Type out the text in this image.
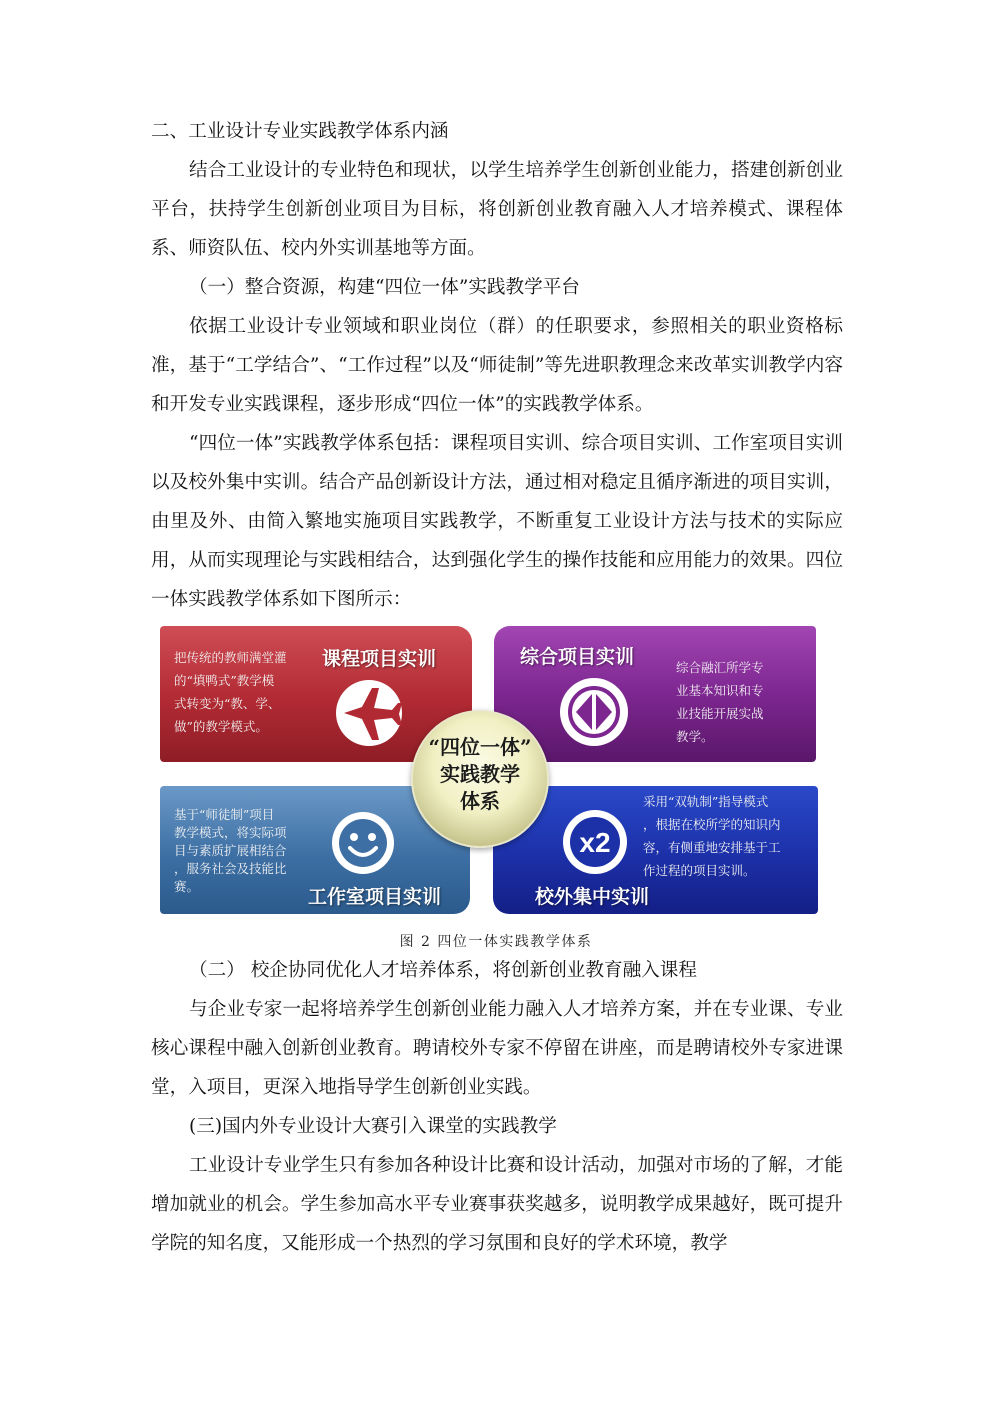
二、工业设计专业实践教学体系内涵

结合工业设计的专业特色和现状，以学生培养学生创新创业能力，搭建创新创业平台，扶持学生创新创业项目为目标，将创新创业教育融入人才培养模式、课程体系、师资队伍、校内外实训基地等方面。

（一）整合资源，构建“四位一体”实践教学平台

依据工业设计专业领域和职业岗位（群）的任职要求，参照相关的职业资格标准，基于“工学结合”、“工作过程”以及“师徒制”等先进职教理念来改革实训教学内容和开发专业实践课程，逐步形成“四位一体”的实践教学体系。

“四位一体”实践教学体系包括：课程项目实训、综合项目实训、工作室项目实训以及校外集中实训。结合产品创新设计方法，通过相对稳定且循序渐进的项目实训，由里及外、由简入繁地实施项目实践教学，不断重复工业设计方法与技术的实际应用，从而实现理论与实践相结合，达到强化学生的操作技能和应用能力的效果。四位一体实践教学体系如下图所示：

把传统的教师满堂灌
的“填鸭式”教学模
式转变为“教、学、
做”的教学模式。
课程项目实训	综合项目实训	综合融汇所学专
业基本知识和专
业技能开展实战
教学。
基于“师徒制”项目
教学模式，将实际项
目与素质扩展相结合
，服务社会及技能比
赛。	工作室项目实训
x2
采用“双轨制”指导模式
，根据在校所学的知识内
容，有侧重地安排基于工
作过程的项目实训。
校外集中实训
“四位一体”
实践教学
体系
图 2 四位一体实践教学体系

（二） 校企协同优化人才培养体系，将创新创业教育融入课程

与企业专家一起将培养学生创新创业能力融入人才培养方案，并在专业课、专业核心课程中融入创新创业教育。聘请校外专家不停留在讲座，而是聘请校外专家进课堂，入项目，更深入地指导学生创新创业实践。

(三)国内外专业设计大赛引入课堂的实践教学

工业设计专业学生只有参加各种设计比赛和设计活动，加强对市场的了解，才能增加就业的机会。学生参加高水平专业赛事获奖越多，说明教学成果越好，既可提升学院的知名度，又能形成一个热烈的学习氛围和良好的学术环境，教学
